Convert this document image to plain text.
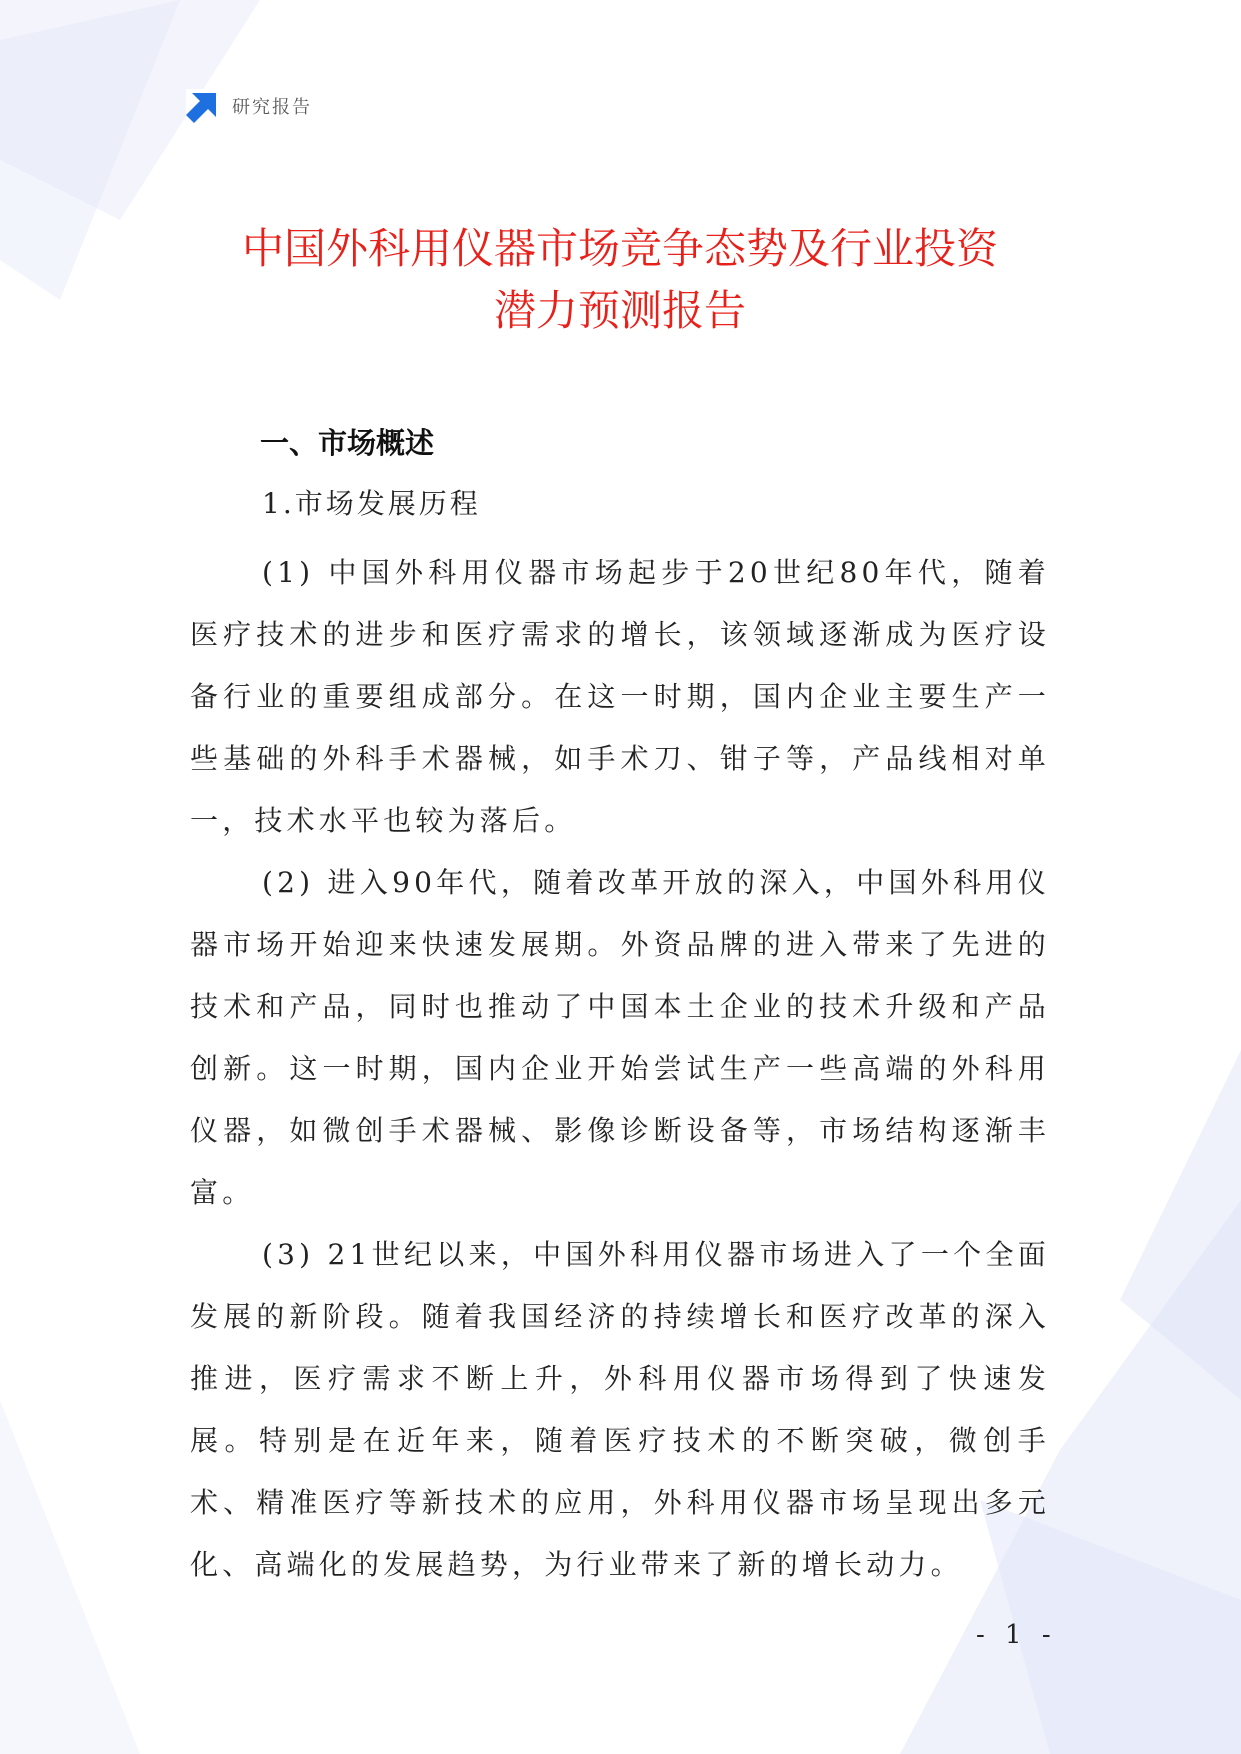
研究报告
中国外科用仪器市场竞争态势及行业投资
潜力预测报告
一、市场概述
1.市场发展历程

(1) 中国外科用仪器市场起步于20世纪80年代，随着医疗技术的进步和医疗需求的增长，该领域逐渐成为医疗设备行业的重要组成部分。在这一时期，国内企业主要生产一些基础的外科手术器械，如手术刀、钳子等，产品线相对单一，技术水平也较为落后。

(2) 进入90年代，随着改革开放的深入，中国外科用仪器市场开始迎来快速发展期。外资品牌的进入带来了先进的技术和产品，同时也推动了中国本土企业的技术升级和产品创新。这一时期，国内企业开始尝试生产一些高端的外科用仪器，如微创手术器械、影像诊断设备等，市场结构逐渐丰富。

(3) 21世纪以来，中国外科用仪器市场进入了一个全面发展的新阶段。随着我国经济的持续增长和医疗改革的深入推进，医疗需求不断上升，外科用仪器市场得到了快速发展。特别是在近年来，随着医疗技术的不断突破，微创手术、精准医疗等新技术的应用，外科用仪器市场呈现出多元化、高端化的发展趋势，为行业带来了新的增长动力。

- 1 -
